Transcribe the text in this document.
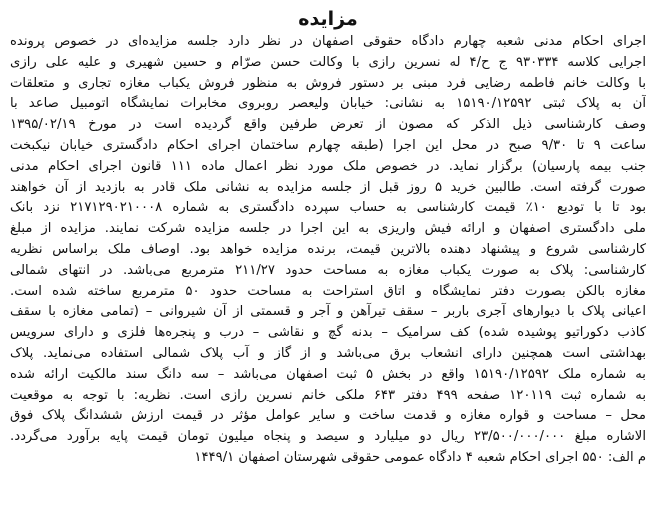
مزایده
اجرای احکام مدنی شعبه چهارم دادگاه حقوقی اصفهان در نظر دارد جلسه مزایده‌ای در خصوص پرونده
اجرایی کلاسه ۹۳۰۳۳۴ ج ح/۴ له نسرین رازی با وکالت حسن صرّام و حسین شهیری و علیه علی رازی
با وکالت خانم فاطمه رضایی فرد مبنی بر دستور فروش به منظور فروش یکباب مغازه تجاری و متعلقات
آن به پلاک ثبتی ۱۵۱۹۰/۱۲۵۹۲ به نشانی: خیابان ولیعصر روبروی مخابرات نمایشگاه اتومبیل صاعد با
وصف کارشناسی ذیل الذکر که مصون از تعرض طرفین واقع گردیده است در مورخ ۱۳۹۵/۰۲/۱۹
ساعت ۹ تا ۹/۳۰ صبح در محل این اجرا (طبقه چهارم ساختمان اجرای احکام دادگستری خیابان نیکبخت
جنب بیمه پارسیان) برگزار نماید. در خصوص ملک مورد نظر اعمال ماده ۱۱۱ قانون اجرای احکام مدنی
صورت گرفته است. طالبین خرید ۵ روز قبل از جلسه مزایده به نشانی ملک قادر به بازدید از آن خواهند
بود تا با تودیع ۱۰٪ قیمت کارشناسی به حساب سپرده دادگستری به شماره ۲۱۷۱۲۹۰۲۱۰۰۰۸ نزد بانک
ملی دادگستری اصفهان و ارائه فیش واریزی به این اجرا در جلسه مزایده شرکت نمایند. مزایده از مبلغ
کارشناسی شروع و پیشنهاد دهنده بالاترین قیمت، برنده مزایده خواهد بود. اوصاف ملک براساس نظریه
کارشناسی: پلاک به صورت یکباب مغازه به مساحت حدود ۲۱۱/۲۷ مترمربع می‌باشد. در انتهای شمالی
مغازه بالکن بصورت دفتر نمایشگاه و اتاق استراحت به مساحت حدود ۵۰ مترمربع ساخته شده است.
اعیانی پلاک با دیوارهای آجری باربر – سقف تیرآهن و آجر و قسمتی از آن شیروانی – (تمامی مغازه با سقف
کاذب دکوراتیو پوشیده شده) کف سرامیک – بدنه گچ و نقاشی – درب و پنجره‌ها فلزی و دارای سرویس
بهداشتی است همچنین دارای انشعاب برق می‌باشد و از گاز و آب پلاک شمالی استفاده می‌نماید. پلاک
به شماره ملک ۱۵۱۹۰/۱۲۵۹۲ واقع در بخش ۵ ثبت اصفهان می‌باشد – سه دانگ سند مالکیت ارائه شده
به شماره ثبت ۱۲۰۱۱۹ صفحه ۴۹۹ دفتر ۶۴۳ ملکی خانم نسرین رازی است. نظریه: با توجه به موقعیت
محل – مساحت و قواره مغازه و قدمت ساخت و سایر عوامل مؤثر در قیمت ارزش ششدانگ پلاک فوق
الاشاره مبلغ ۲۳/۵۰۰/۰۰۰/۰۰۰ ریال دو میلیارد و سیصد و پنجاه میلیون تومان قیمت پایه برآورد می‌گردد.
م الف: ۵۵۰ اجرای احکام شعبه ۴ دادگاه عمومی حقوقی شهرستان اصفهان ۱۴۴۹/۱
